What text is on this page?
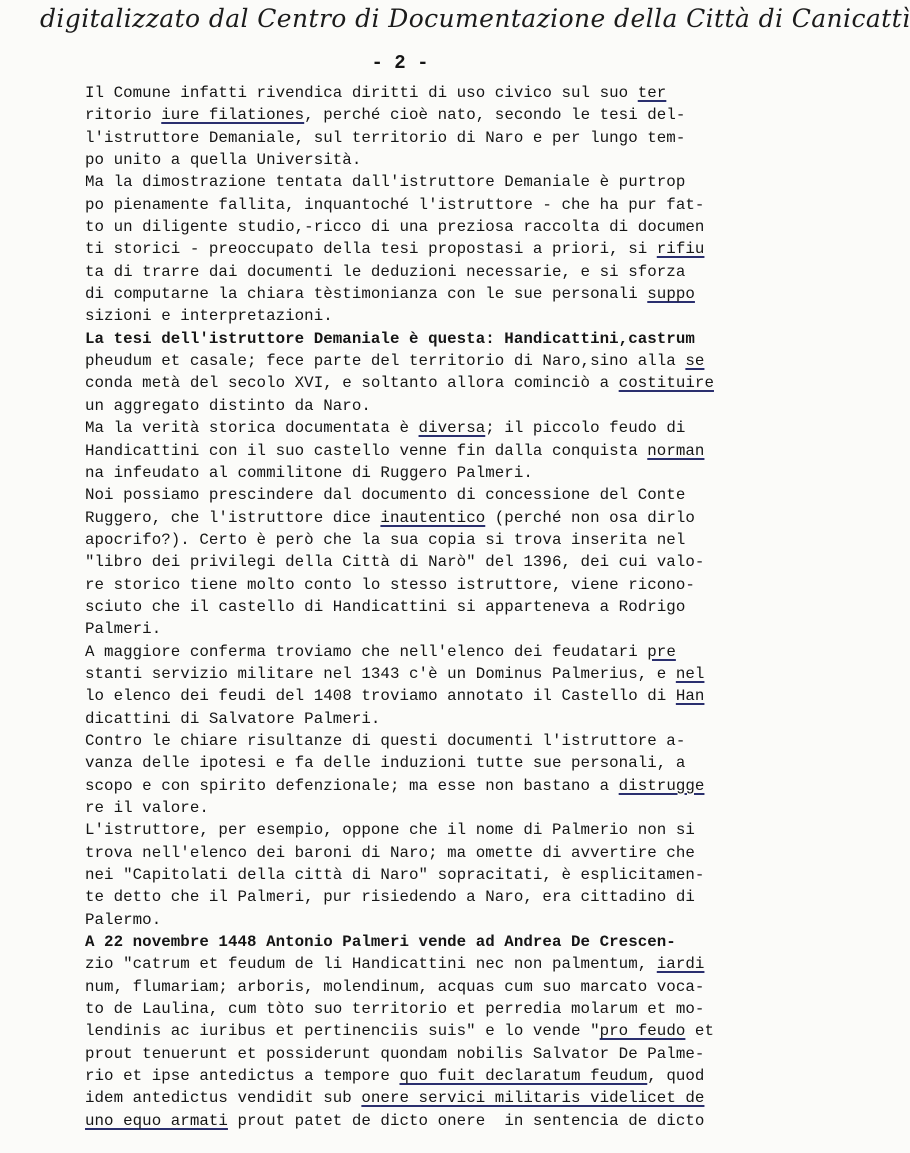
digitalizzato dal Centro di Documentazione della Città di Canicattì
- 2 -
Il Comune infatti rivendica diritti di uso civico sul suo ter
ritorio iure filationes, perché cioè nato, secondo le tesi del-
l'istruttore Demaniale, sul territorio di Naro e per lungo tem-
po unito a quella Università.
Ma la dimostrazione tentata dall'istruttore Demaniale è purtrop
po pienamente fallita, inquantoché l'istruttore - che ha pur fat-
to un diligente studio,-ricco di una preziosa raccolta di documen
ti storici - preoccupato della tesi propostasi a priori, si rifiu
ta di trarre dai documenti le deduzioni necessarie, e si sforza
di computarne la chiara tèstimonianza con le sue personali suppo
sizioni e interpretazioni.
La tesi dell'istruttore Demaniale è questa: Handicattini,castrum
pheudum et casale; fece parte del territorio di Naro,sino alla se
conda metà del secolo XVI, e soltanto allora cominciò a costituire
un aggregato distinto da Naro.
Ma la verità storica documentata è diversa; il piccolo feudo di
Handicattini con il suo castello venne fin dalla conquista norman
na infeudato al commilitone di Ruggero Palmeri.
Noi possiamo prescindere dal documento di concessione del Conte
Ruggero, che l'istruttore dice inautentico (perché non osa dirlo
apocrifo?). Certo è però che la sua copia si trova inserita nel
"libro dei privilegi della Città di Narò" del 1396, dei cui valo-
re storico tiene molto conto lo stesso istruttore, viene ricono-
sciuto che il castello di Handicattini si apparteneva a Rodrigo
Palmeri.
A maggiore conferma troviamo che nell'elenco dei feudatari pre
stanti servizio militare nel 1343 c'è un Dominus Palmerius, e nel
lo elenco dei feudi del 1408 troviamo annotato il Castello di Han
dicattini di Salvatore Palmeri.
Contro le chiare risultanze di questi documenti l'istruttore a-
vanza delle ipotesi e fa delle induzioni tutte sue personali, a
scopo e con spirito defenzionale; ma esse non bastano a distrugge
re il valore.
L'istruttore, per esempio, oppone che il nome di Palmerio non si
trova nell'elenco dei baroni di Naro; ma omette di avvertire che
nei "Capitolati della città di Naro" sopracitati, è esplicitamen-
te detto che il Palmeri, pur risiedendo a Naro, era cittadino di
Palermo.
A 22 novembre 1448 Antonio Palmeri vende ad Andrea De Crescen-
zio "catrum et feudum de li Handicattini nec non palmentum, iardi
num, flumariam; arboris, molendinum, acquas cum suo marcato voca-
to de Laulina, cum tòto suo territorio et perredia molarum et mo-
lendinis ac iuribus et pertinenciis suis" e lo vende "pro feudo et
prout tenuerunt et possiderunt quondam nobilis Salvator De Palme-
rio et ipse antedictus a tempore quo fuit declaratum feudum, quod
idem antedictus vendidit sub onere servici militaris videlicet de
uno equo armati prout patet de dicto onere  in sentencia de dicto
